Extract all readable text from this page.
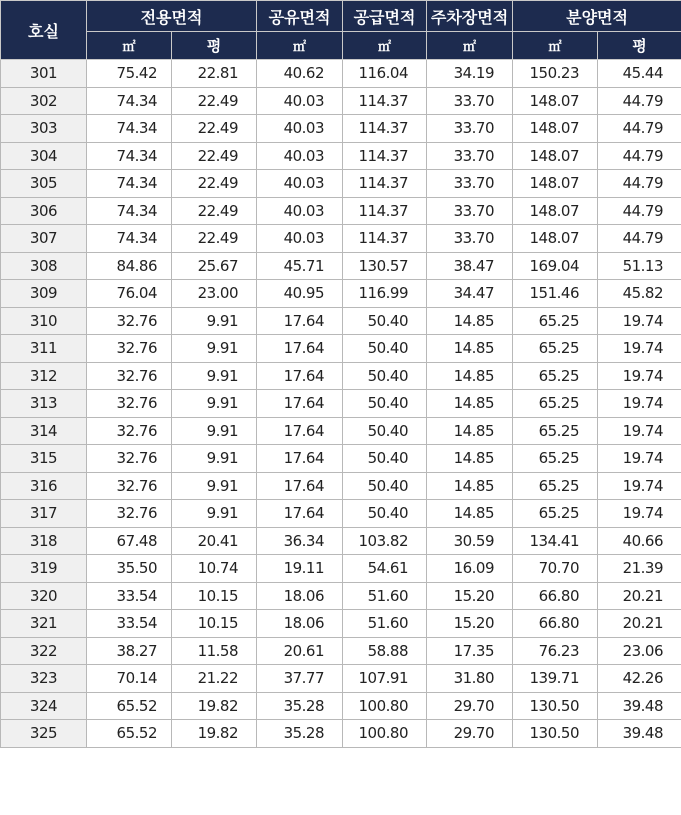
호실	전용면적		공유면적	공급면적	주차장면적	분양면적	
	㎡	평	㎡	㎡	㎡	㎡	평
301	75.42	22.81	40.62	116.04	34.19	150.23	45.44
302	74.34	22.49	40.03	114.37	33.70	148.07	44.79
303	74.34	22.49	40.03	114.37	33.70	148.07	44.79
304	74.34	22.49	40.03	114.37	33.70	148.07	44.79
305	74.34	22.49	40.03	114.37	33.70	148.07	44.79
306	74.34	22.49	40.03	114.37	33.70	148.07	44.79
307	74.34	22.49	40.03	114.37	33.70	148.07	44.79
308	84.86	25.67	45.71	130.57	38.47	169.04	51.13
309	76.04	23.00	40.95	116.99	34.47	151.46	45.82
310	32.76	9.91	17.64	50.40	14.85	65.25	19.74
311	32.76	9.91	17.64	50.40	14.85	65.25	19.74
312	32.76	9.91	17.64	50.40	14.85	65.25	19.74
313	32.76	9.91	17.64	50.40	14.85	65.25	19.74
314	32.76	9.91	17.64	50.40	14.85	65.25	19.74
315	32.76	9.91	17.64	50.40	14.85	65.25	19.74
316	32.76	9.91	17.64	50.40	14.85	65.25	19.74
317	32.76	9.91	17.64	50.40	14.85	65.25	19.74
318	67.48	20.41	36.34	103.82	30.59	134.41	40.66
319	35.50	10.74	19.11	54.61	16.09	70.70	21.39
320	33.54	10.15	18.06	51.60	15.20	66.80	20.21
321	33.54	10.15	18.06	51.60	15.20	66.80	20.21
322	38.27	11.58	20.61	58.88	17.35	76.23	23.06
323	70.14	21.22	37.77	107.91	31.80	139.71	42.26
324	65.52	19.82	35.28	100.80	29.70	130.50	39.48
325	65.52	19.82	35.28	100.80	29.70	130.50	39.48
